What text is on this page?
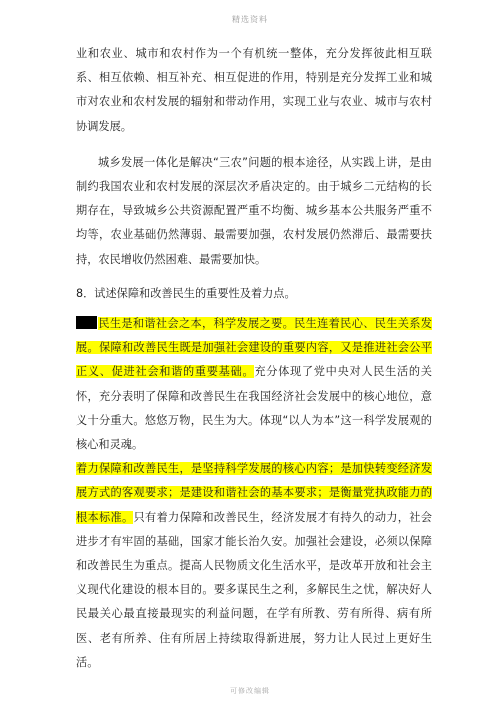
精选资料

业和农业、城市和农村作为一个有机统一整体，充分发挥彼此相互联系、相互依赖、相互补充、相互促进的作用，特别是充分发挥工业和城市对农业和农村发展的辐射和带动作用，实现工业与农业、城市与农村协调发展。

城乡发展一体化是解决“三农”问题的根本途径，从实践上讲，是由制约我国农业和农村发展的深层次矛盾决定的。由于城乡二元结构的长期存在，导致城乡公共资源配置严重不均衡、城乡基本公共服务严重不均等，农业基础仍然薄弱、最需要加强，农村发展仍然滞后、最需要扶持，农民增收仍然困难、最需要加快。

8．试述保障和改善民生的重要性及着力点。

民生是和谐社会之本，科学发展之要。民生连着民心、民生关系发展。保障和改善民生既是加强社会建设的重要内容，又是推进社会公平正义、促进社会和谐的重要基础。充分体现了党中央对人民生活的关怀，充分表明了保障和改善民生在我国经济社会发展中的核心地位，意义十分重大。悠悠万物，民生为大。体现“以人为本”这一科学发展观的核心和灵魂。

着力保障和改善民生，是坚持科学发展的核心内容；是加快转变经济发展方式的客观要求；是建设和谐社会的基本要求；是衡量党执政能力的根本标准。只有着力保障和改善民生，经济发展才有持久的动力，社会进步才有牢固的基础，国家才能长治久安。加强社会建设，必须以保障和改善民生为重点。提高人民物质文化生活水平，是改革开放和社会主义现代化建设的根本目的。要多谋民生之利，多解民生之忧，解决好人民最关心最直接最现实的利益问题，在学有所教、劳有所得、病有所医、老有所养、住有所居上持续取得新进展，努力让人民过上更好生活。

可修改编辑
